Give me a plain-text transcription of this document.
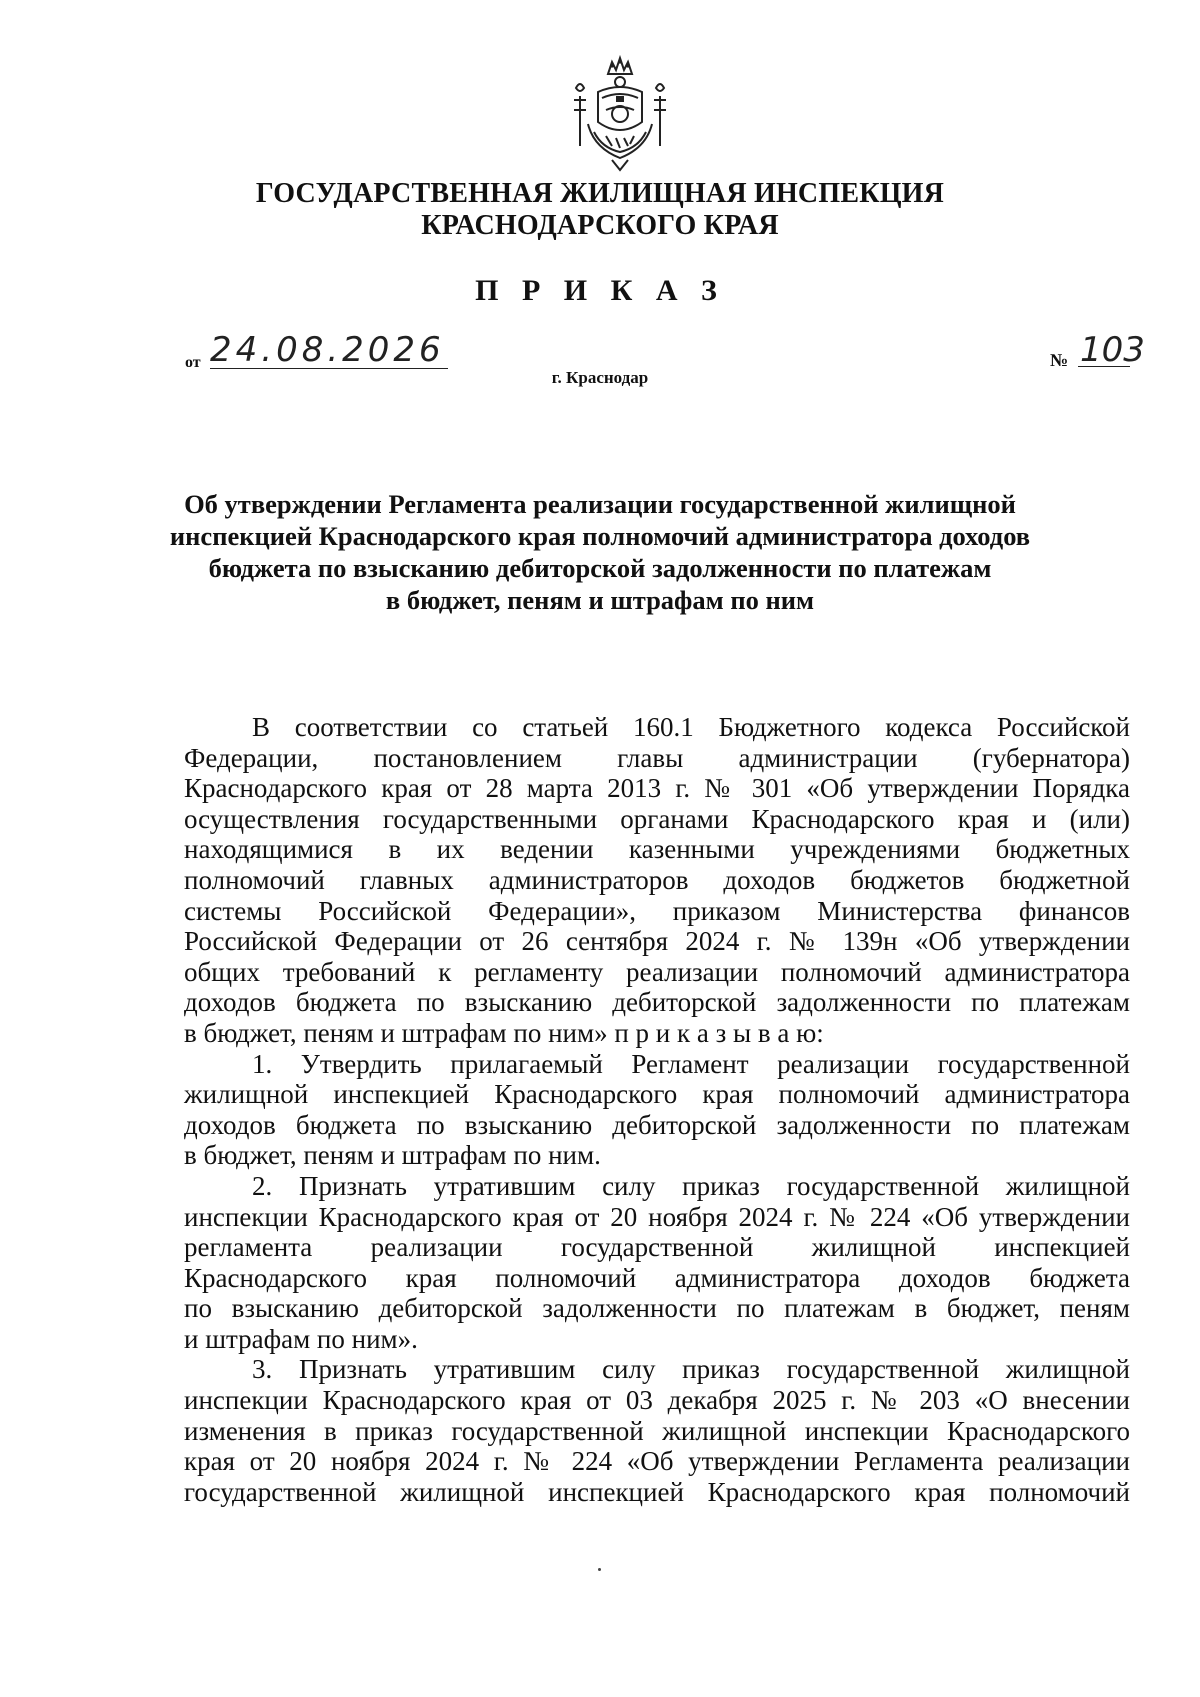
ГОСУДАРСТВЕННАЯ ЖИЛИЩНАЯ ИНСПЕКЦИЯ
КРАСНОДАРСКОГО КРАЯ
П Р И К А З
от 24.08.2026	№ 103
г. Краснодар
Об утверждении Регламента реализации государственной жилищной
инспекцией Краснодарского края полномочий администратора доходов
бюджета по взысканию дебиторской задолженности по платежам
в бюджет, пеням и штрафам по ним
В соответствии со статьей 160.1 Бюджетного кодекса Российской
Федерации, постановлением главы администрации (губернатора)
Краснодарского края от 28 марта 2013 г. № 301 «Об утверждении Порядка
осуществления государственными органами Краснодарского края и (или)
находящимися в их ведении казенными учреждениями бюджетных
полномочий главных администраторов доходов бюджетов бюджетной
системы Российской Федерации», приказом Министерства финансов
Российской Федерации от 26 сентября 2024 г. № 139н «Об утверждении
общих требований к регламенту реализации полномочий администратора
доходов бюджета по взысканию дебиторской задолженности по платежам
в бюджет, пеням и штрафам по ним» п р и к а з ы в а ю:
1. Утвердить прилагаемый Регламент реализации государственной
жилищной инспекцией Краснодарского края полномочий администратора
доходов бюджета по взысканию дебиторской задолженности по платежам
в бюджет, пеням и штрафам по ним.
2. Признать утратившим силу приказ государственной жилищной
инспекции Краснодарского края от 20 ноября 2024 г. № 224 «Об утверждении
регламента реализации государственной жилищной инспекцией
Краснодарского края полномочий администратора доходов бюджета
по взысканию дебиторской задолженности по платежам в бюджет, пеням
и штрафам по ним».
3. Признать утратившим силу приказ государственной жилищной
инспекции Краснодарского края от 03 декабря 2025 г. № 203 «О внесении
изменения в приказ государственной жилищной инспекции Краснодарского
края от 20 ноября 2024 г. № 224 «Об утверждении Регламента реализации
государственной жилищной инспекцией Краснодарского края полномочий
